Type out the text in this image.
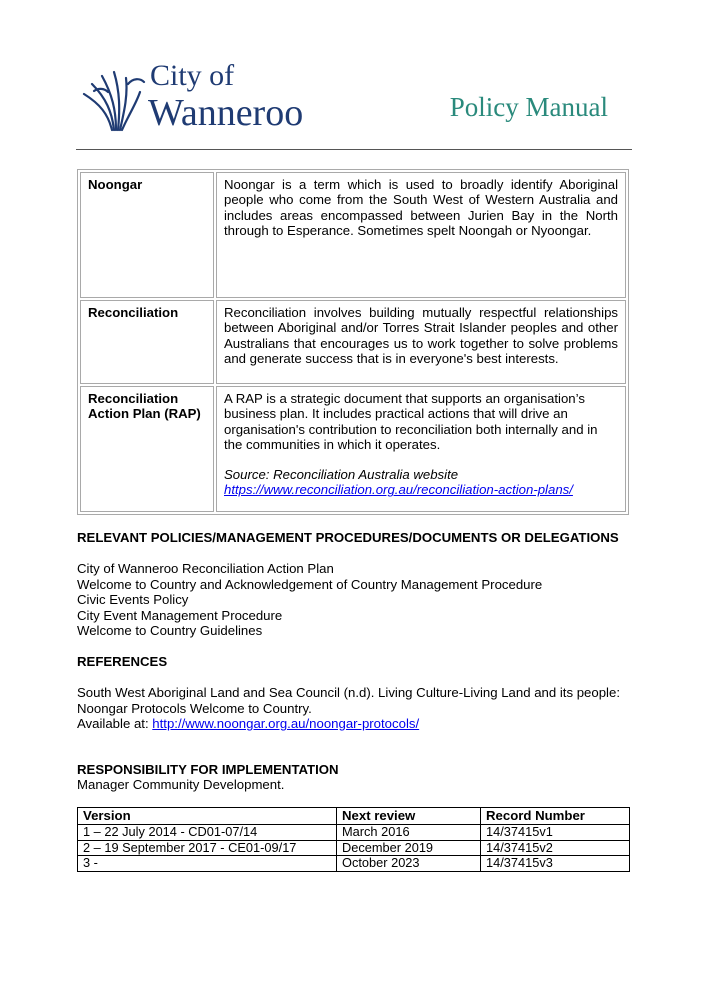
City of
Wanneroo	Policy Manual
Noongar	Noongar is a term which is used to broadly identify Aboriginal people who come from the South West of Western Australia and includes areas encompassed between Jurien Bay in the North through to Esperance. Sometimes spelt Noongah or Nyoongar.
Reconciliation	Reconciliation involves building mutually respectful relationships between Aboriginal and/or Torres Strait Islander peoples and other Australians that encourages us to work together to solve problems and generate success that is in everyone's best interests.
Reconciliation Action Plan (RAP)	A RAP is a strategic document that supports an organisation’s business plan. It includes practical actions that will drive an organisation's contribution to reconciliation both internally and in the communities in which it operates.
Source: Reconciliation Australia website
https://www.reconciliation.org.au/reconciliation-action-plans/
RELEVANT POLICIES/MANAGEMENT PROCEDURES/DOCUMENTS OR DELEGATIONS
City of Wanneroo Reconciliation Action Plan
Welcome to Country and Acknowledgement of Country Management Procedure
Civic Events Policy
City Event Management Procedure
Welcome to Country Guidelines
REFERENCES
South West Aboriginal Land and Sea Council (n.d). Living Culture-Living Land and its people:
Noongar Protocols Welcome to Country.
Available at: http://www.noongar.org.au/noongar-protocols/
RESPONSIBILITY FOR IMPLEMENTATION
Manager Community Development.
Version	Next review	Record Number
1 – 22 July 2014 - CD01-07/14	March 2016	14/37415v1
2 – 19 September 2017 - CE01-09/17	December 2019	14/37415v2
3 -	October 2023	14/37415v3
